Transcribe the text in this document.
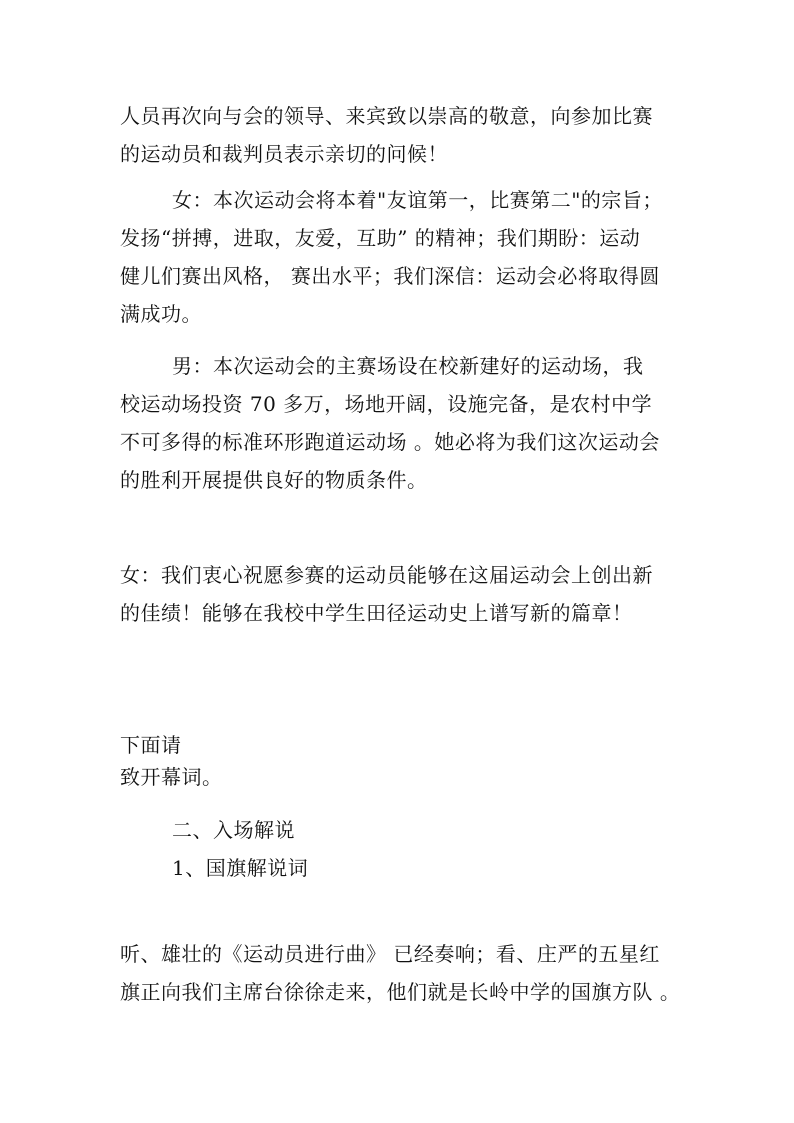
人员再次向与会的领导、来宾致以崇高的敬意，向参加比赛
的运动员和裁判员表示亲切的问候！

女：本次运动会将本着"友谊第一，比赛第二"的宗旨；
发扬“拼搏，进取，友爱，互助” 的精神；我们期盼：运动
健儿们赛出风格， 赛出水平；我们深信：运动会必将取得圆
满成功。

男：本次运动会的主赛场设在校新建好的运动场，我
校运动场投资 70 多万，场地开阔，设施完备，是农村中学
不可多得的标准环形跑道运动场 。她必将为我们这次运动会
的胜利开展提供良好的物质条件。

女：我们衷心祝愿参赛的运动员能够在这届运动会上创出新
的佳绩！能够在我校中学生田径运动史上谱写新的篇章！

下面请
致开幕词。

二、入场解说

1、国旗解说词

听、雄壮的《运动员进行曲》 已经奏响；看、庄严的五星红
旗正向我们主席台徐徐走来，他们就是长岭中学的国旗方队 。
